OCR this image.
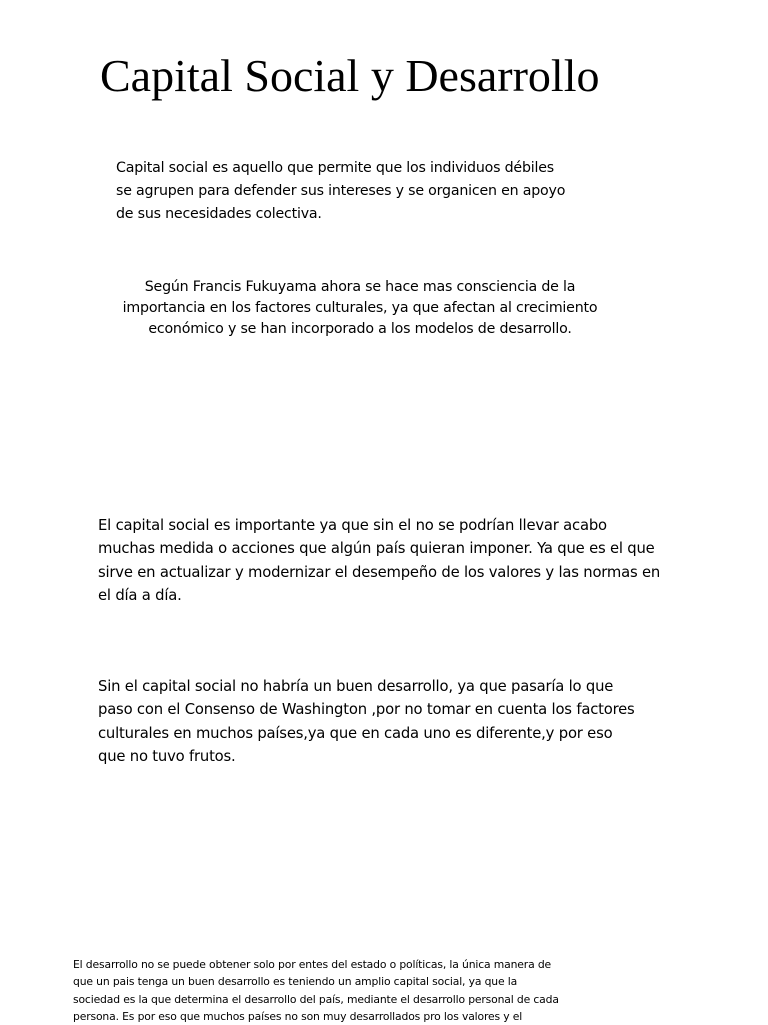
Capital Social y Desarrollo

Capital social es aquello que permite que los individuos débiles
se agrupen para defender sus intereses y se organicen en apoyo
de sus necesidades colectiva.

Según Francis Fukuyama ahora se hace mas consciencia de la
importancia en los factores culturales, ya que afectan al crecimiento
económico y se han incorporado a los modelos de desarrollo.

El capital social es importante ya que sin el no se podrían llevar acabo
muchas medida o acciones que algún país quieran imponer. Ya que es el que
sirve en actualizar y modernizar el desempeño de los valores y las normas en
el día a día.

Sin el capital social no habría un buen desarrollo, ya que pasaría lo que
paso con el Consenso de Washington ,por no tomar en cuenta los factores
culturales en muchos países,ya que en cada uno es diferente,y por eso
que no tuvo frutos.

El desarrollo no se puede obtener solo por entes del estado o políticas, la única manera de
que un pais tenga un buen desarrollo es teniendo un amplio capital social, ya que la
sociedad es la que determina el desarrollo del país, mediante el desarrollo personal de cada
persona. Es por eso que muchos países no son muy desarrollados pro los valores y el
